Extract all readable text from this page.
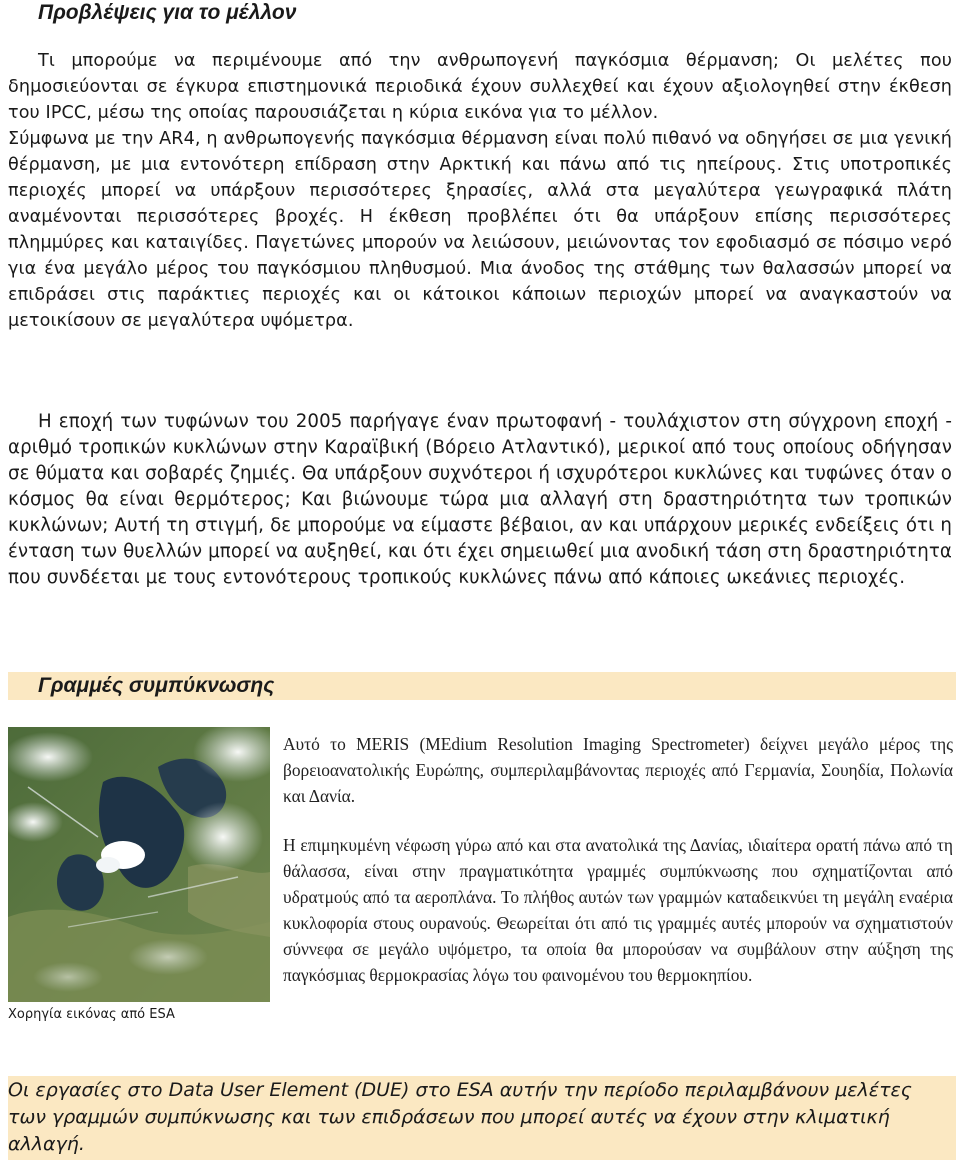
Προβλέψεις για το μέλλον

Τι μπορούμε να περιμένουμε από την ανθρωπογενή παγκόσμια θέρμανση; Οι μελέτες που δημοσιεύονται σε έγκυρα επιστημονικά περιοδικά έχουν συλλεχθεί και έχουν αξιολογηθεί στην έκθεση του IPCC, μέσω της οποίας παρουσιάζεται η κύρια εικόνα για το μέλλον.

Σύμφωνα με την AR4, η ανθρωπογενής παγκόσμια θέρμανση είναι πολύ πιθανό να οδηγήσει σε μια γενική θέρμανση, με μια εντονότερη επίδραση στην Αρκτική και πάνω από τις ηπείρους. Στις υποτροπικές περιοχές μπορεί να υπάρξουν περισσότερες ξηρασίες, αλλά στα μεγαλύτερα γεωγραφικά πλάτη αναμένονται περισσότερες βροχές. Η έκθεση προβλέπει ότι θα υπάρξουν επίσης περισσότερες πλημμύρες και καταιγίδες. Παγετώνες μπορούν να λειώσουν, μειώνοντας τον εφοδιασμό σε πόσιμο νερό για ένα μεγάλο μέρος του παγκόσμιου πληθυσμού. Μια άνοδος της στάθμης των θαλασσών μπορεί να επιδράσει στις παράκτιες περιοχές και οι κάτοικοι κάποιων περιοχών μπορεί να αναγκαστούν να μετοικίσουν σε μεγαλύτερα υψόμετρα.

Η εποχή των τυφώνων του 2005 παρήγαγε έναν πρωτοφανή - τουλάχιστον στη σύγχρονη εποχή - αριθμό τροπικών κυκλώνων στην Καραϊβική (Βόρειο Ατλαντικό), μερικοί από τους οποίους οδήγησαν σε θύματα και σοβαρές ζημιές. Θα υπάρξουν συχνότεροι ή ισχυρότεροι κυκλώνες και τυφώνες όταν ο κόσμος θα είναι θερμότερος; Και βιώνουμε τώρα μια αλλαγή στη δραστηριότητα των τροπικών κυκλώνων; Αυτή τη στιγμή, δε μπορούμε να είμαστε βέβαιοι, αν και υπάρχουν μερικές ενδείξεις ότι η ένταση των θυελλών μπορεί να αυξηθεί, και ότι έχει σημειωθεί μια ανοδική τάση στη δραστηριότητα που συνδέεται με τους εντονότερους τροπικούς κυκλώνες πάνω από κάποιες ωκεάνιες περιοχές.

Γραμμές συμπύκνωσης

Χορηγία εικόνας από ESA

Αυτό το MERIS (MEdium Resolution Imaging Spectrometer) δείχνει μεγάλο μέρος της βορειοανατολικής Ευρώπης, συμπεριλαμβάνοντας περιοχές από Γερμανία, Σουηδία, Πολωνία και Δανία.

Η επιμηκυμένη νέφωση γύρω από και στα ανατολικά της Δανίας, ιδιαίτερα ορατή πάνω από τη θάλασσα, είναι στην πραγματικότητα γραμμές συμπύκνωσης που σχηματίζονται από υδρατμούς από τα αεροπλάνα. Το πλήθος αυτών των γραμμών καταδεικνύει τη μεγάλη εναέρια κυκλοφορία στους ουρανούς. Θεωρείται ότι από τις γραμμές αυτές μπορούν να σχηματιστούν σύννεφα σε μεγάλο υψόμετρο, τα οποία θα μπορούσαν να συμβάλουν στην αύξηση της παγκόσμιας θερμοκρασίας λόγω του φαινομένου του θερμοκηπίου.

Οι εργασίες στο Data User Element (DUE) στο ESA αυτήν την περίοδο περιλαμβάνουν μελέτες των γραμμών συμπύκνωσης και των επιδράσεων που μπορεί αυτές να έχουν στην κλιματική αλλαγή.
